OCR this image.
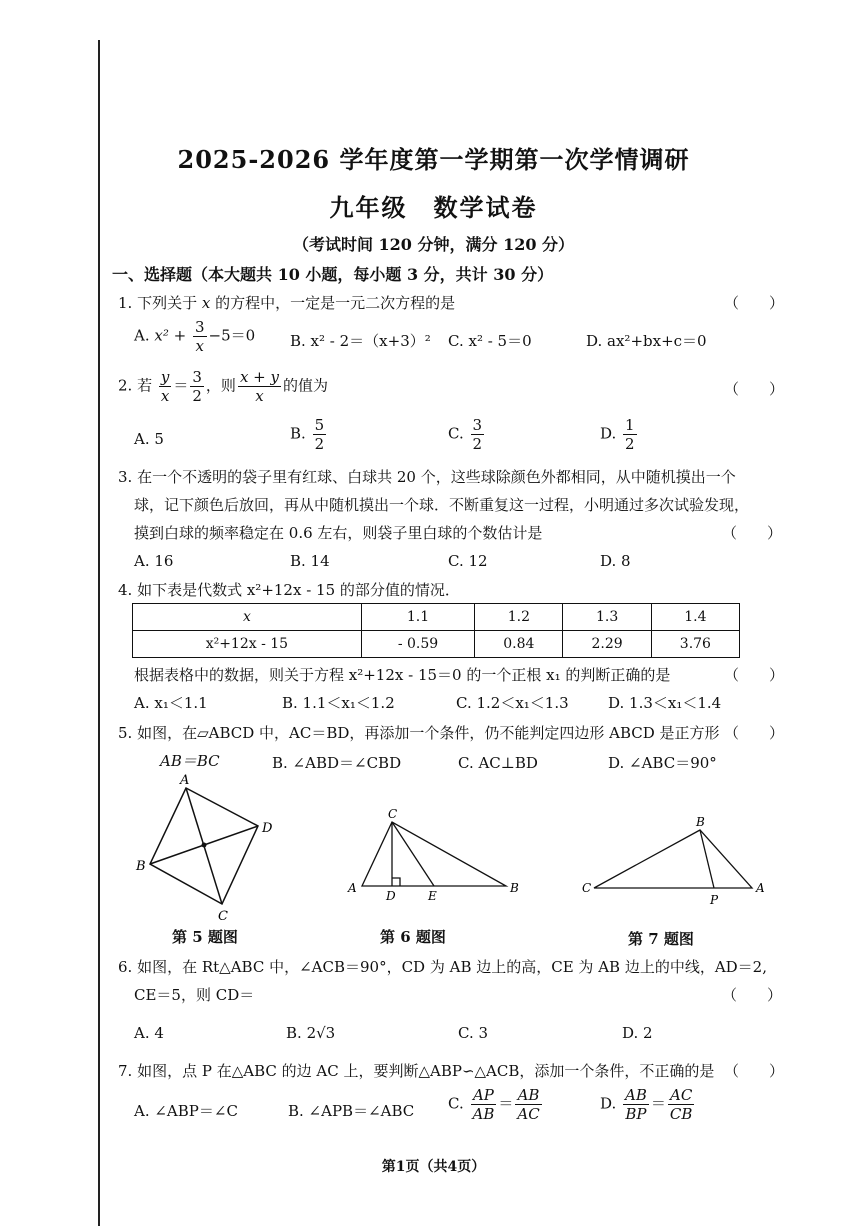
2025-2026 学年度第一学期第一次学情调研
九年级　数学试卷
（考试时间 120 分钟，满分 120 分）
一、选择题（本大题共 10 小题，每小题 3 分，共计 30 分）
1. 下列关于 x 的方程中，一定是一元二次方程的是	（　　）
A. $x^2 + \frac{3}{x} -5=0$ B. x² - 2＝（x+3）² C. x² - 5＝0	D. ax²+bx+c＝0
2. 若 $\frac{y}{x} = \frac{3}{2}$ ，则 $\frac{x + y}{x}$ 的值为	（　　）
A. 5	B. $\frac{5}{2}$	C. $\frac{3}{2}$	D. $\frac{1}{2}$
3. 在一个不透明的袋子里有红球、白球共 20 个，这些球除颜色外都相同，从中随机摸出一个
球，记下颜色后放回，再从中随机摸出一个球．不断重复这一过程，小明通过多次试验发现，
摸到白球的频率稳定在 0.6 左右，则袋子里白球的个数估计是	（　　）
A. 16	B. 14	C. 12	D. 8
4. 如下表是代数式 x²+12x - 15 的部分值的情况．
x	1.1	1.2	1.3	1.4
x²+12x - 15	- 0.59	0.84	2.29	3.76
根据表格中的数据，则关于方程 x²+12x - 15＝0 的一个正根 x₁ 的判断正确的是	（　　）
A. x₁＜1.1	B. 1.1＜x₁＜1.2	C. 1.2＜x₁＜1.3	D. 1.3＜x₁＜1.4
5. 如图，在▱ABCD 中，AC＝BD，再添加一个条件，仍不能判定四边形 ABCD 是正方形 （　　）
AB＝BC	B. ∠ABD＝∠CBD	C. AC⊥BD	D. ∠ABC＝90°
A
B
C
D
第 5 题图
C
A
D	E
B
第 6 题图
B
C
P
A
第 7 题图
6. 如图，在 Rt△ABC 中，∠ACB＝90°，CD 为 AB 边上的高，CE 为 AB 边上的中线，AD＝2,
CE＝5，则 CD＝	（　　）
A. 4	B. 2√3	C. 3	D. 2
7. 如图，点 P 在△ABC 的边 AC 上，要判断△ABP∽△ACB，添加一个条件，不正确的是 （　　）
A. ∠ABP＝∠C	B. ∠APB＝∠ABC C. $\frac{AP}{AB} = \frac{AB}{AC}$	D. $\frac{AB}{BP} = \frac{AC}{CB}$
第1页（共4页）
